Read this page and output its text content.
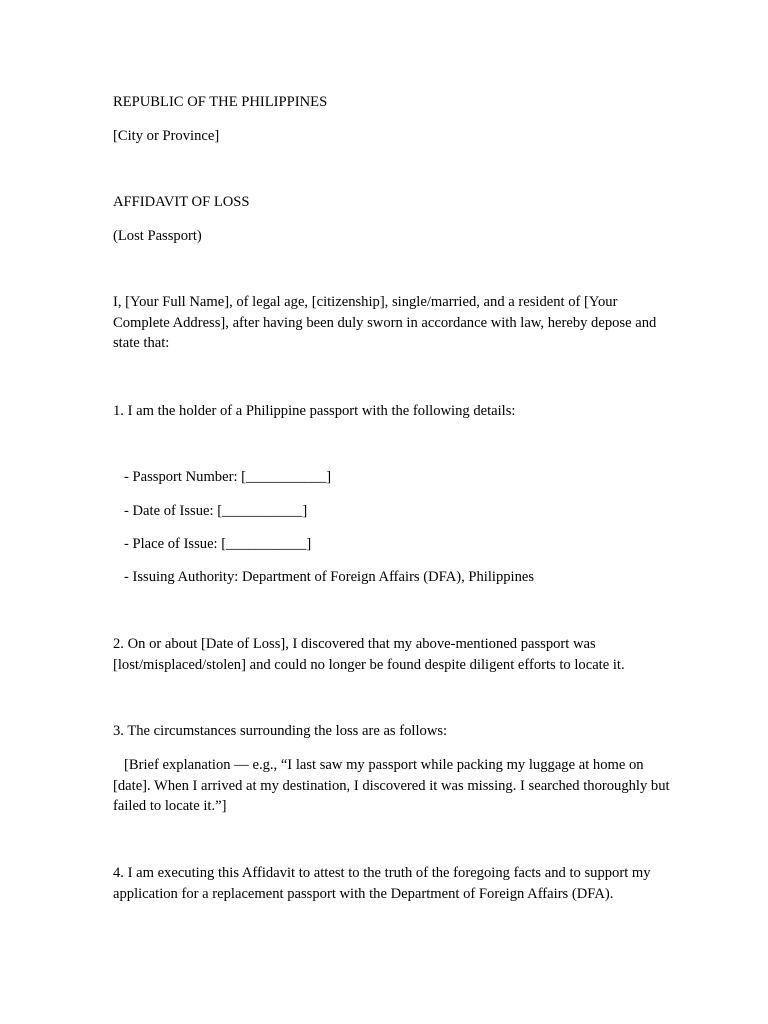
REPUBLIC OF THE PHILIPPINES

[City or Province]

AFFIDAVIT OF LOSS

(Lost Passport)

I, [Your Full Name], of legal age, [citizenship], single/married, and a resident of [Your Complete Address], after having been duly sworn in accordance with law, hereby depose and state that:

1. I am the holder of a Philippine passport with the following details:

- Passport Number: [___________]

- Date of Issue: [___________]

- Place of Issue: [___________]

- Issuing Authority: Department of Foreign Affairs (DFA), Philippines

2. On or about [Date of Loss], I discovered that my above-mentioned passport was [lost/misplaced/stolen] and could no longer be found despite diligent efforts to locate it.

3. The circumstances surrounding the loss are as follows:

[Brief explanation — e.g., “I last saw my passport while packing my luggage at home on [date]. When I arrived at my destination, I discovered it was missing. I searched thoroughly but failed to locate it.”]

4. I am executing this Affidavit to attest to the truth of the foregoing facts and to support my application for a replacement passport with the Department of Foreign Affairs (DFA).
